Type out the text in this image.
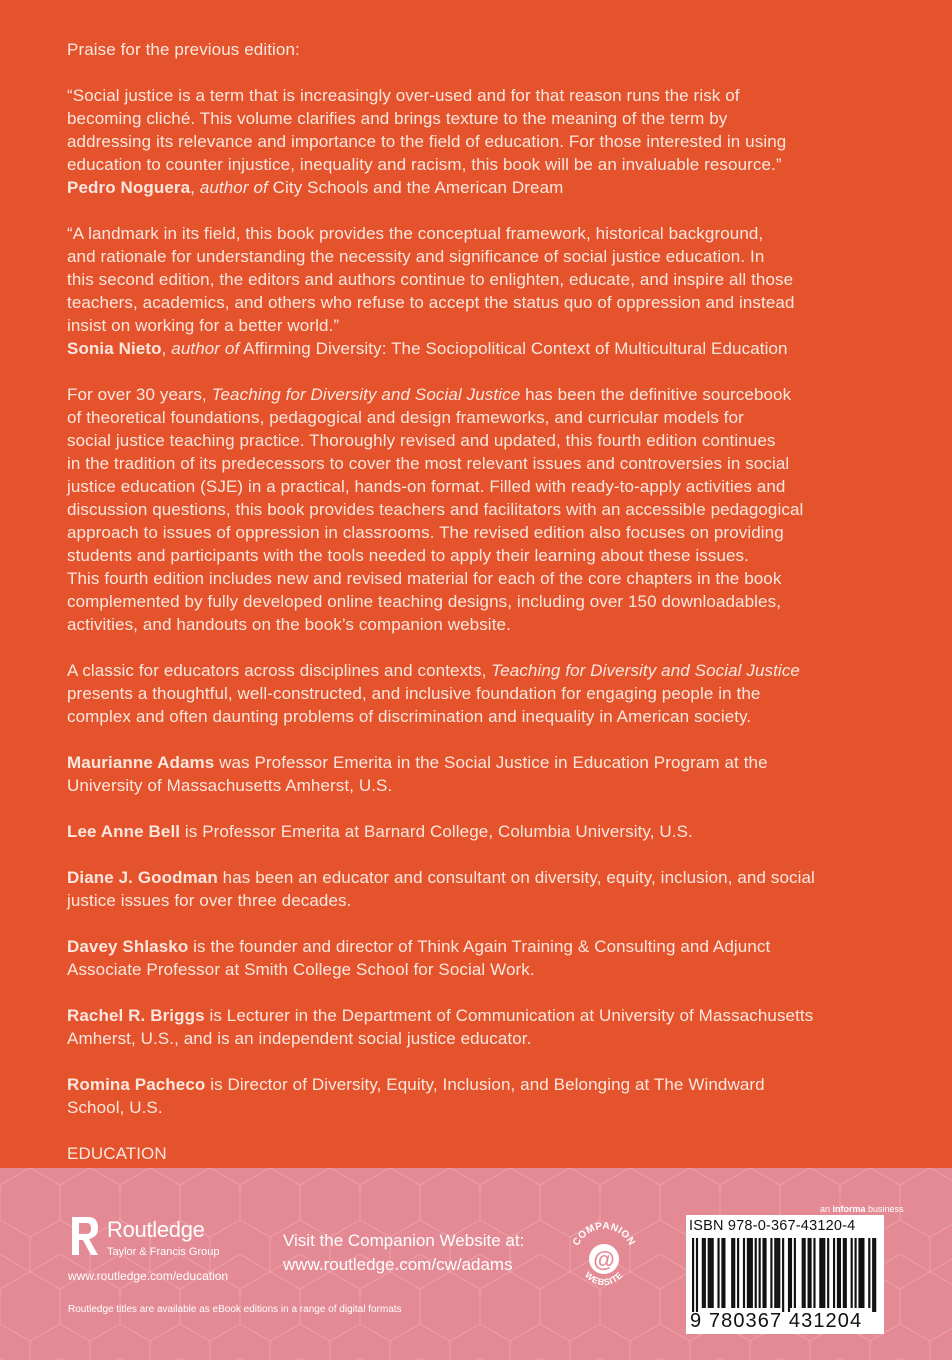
Praise for the previous edition:

“Social justice is a term that is increasingly over-used and for that reason runs the risk of

becoming cliché. This volume clarifies and brings texture to the meaning of the term by

addressing its relevance and importance to the field of education. For those interested in using

education to counter injustice, inequality and racism, this book will be an invaluable resource.”

Pedro Noguera, author of City Schools and the American Dream

“A landmark in its field, this book provides the conceptual framework, historical background,

and rationale for understanding the necessity and significance of social justice education. In

this second edition, the editors and authors continue to enlighten, educate, and inspire all those

teachers, academics, and others who refuse to accept the status quo of oppression and instead

insist on working for a better world.”

Sonia Nieto, author of Affirming Diversity: The Sociopolitical Context of Multicultural Education

For over 30 years, Teaching for Diversity and Social Justice has been the definitive sourcebook

of theoretical foundations, pedagogical and design frameworks, and curricular models for

social justice teaching practice. Thoroughly revised and updated, this fourth edition continues

in the tradition of its predecessors to cover the most relevant issues and controversies in social

justice education (SJE) in a practical, hands-on format. Filled with ready-to-apply activities and

discussion questions, this book provides teachers and facilitators with an accessible pedagogical

approach to issues of oppression in classrooms. The revised edition also focuses on providing

students and participants with the tools needed to apply their learning about these issues.

This fourth edition includes new and revised material for each of the core chapters in the book

complemented by fully developed online teaching designs, including over 150 downloadables,

activities, and handouts on the book’s companion website.

A classic for educators across disciplines and contexts, Teaching for Diversity and Social Justice

presents a thoughtful, well-constructed, and inclusive foundation for engaging people in the

complex and often daunting problems of discrimination and inequality in American society.

Maurianne Adams was Professor Emerita in the Social Justice in Education Program at the

University of Massachusetts Amherst, U.S.

Lee Anne Bell is Professor Emerita at Barnard College, Columbia University, U.S.

Diane J. Goodman has been an educator and consultant on diversity, equity, inclusion, and social

justice issues for over three decades.

Davey Shlasko is the founder and director of Think Again Training & Consulting and Adjunct

Associate Professor at Smith College School for Social Work.

Rachel R. Briggs is Lecturer in the Department of Communication at University of Massachusetts

Amherst, U.S., and is an independent social justice educator.

Romina Pacheco is Director of Diversity, Equity, Inclusion, and Belonging at The Windward

School, U.S.

EDUCATION

Routledge
Taylor & Francis Group
www.routledge.com/education
Routledge titles are available as eBook editions in a range of digital formats
Visit the Companion Website at:
www.routledge.com/cw/adams
COMPANION
WEBSITE
@
an informa business
ISBN 978-0-367-43120-4
9 780367 431204
